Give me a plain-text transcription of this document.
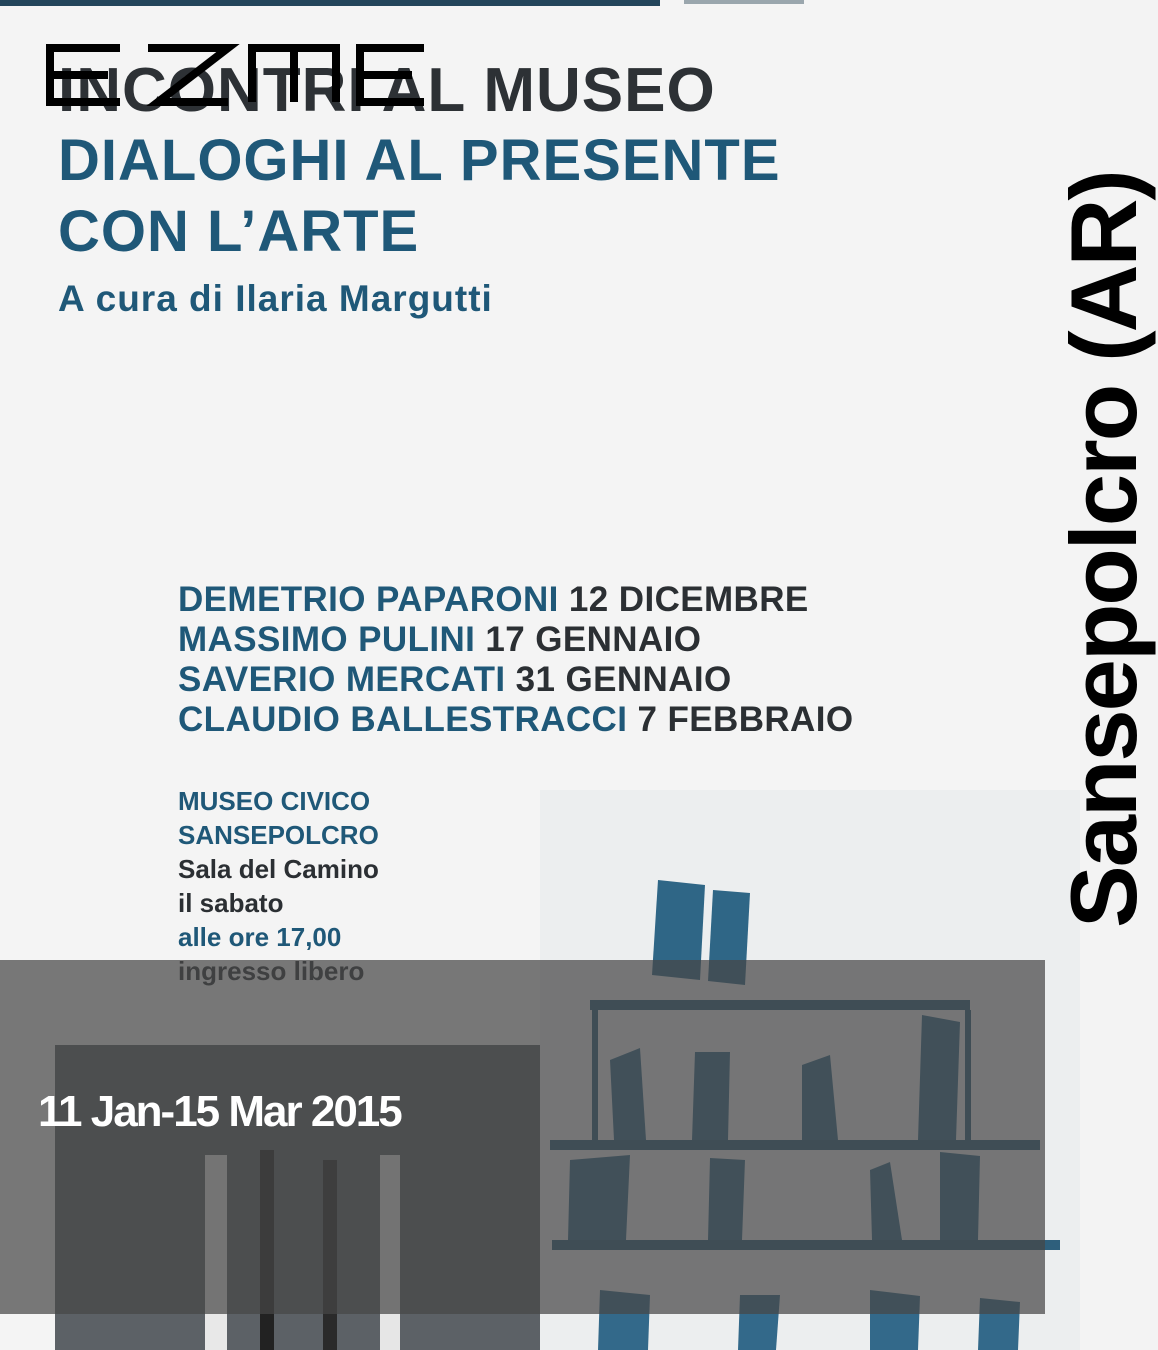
INCONTRI AL MUSEO
DIALOGHI AL PRESENTE
CON L’ARTE
A cura di Ilaria Margutti
DEMETRIO PAPARONI 12 DICEMBRE
MASSIMO PULINI 17 GENNAIO
SAVERIO MERCATI 31 GENNAIO
CLAUDIO BALLESTRACCI 7 FEBBRAIO
MUSEO CIVICO
SANSEPOLCRO
Sala del Camino
il sabato
alle ore 17,00
11 Jan-15 Mar 2015
Sansepolcro (AR)
